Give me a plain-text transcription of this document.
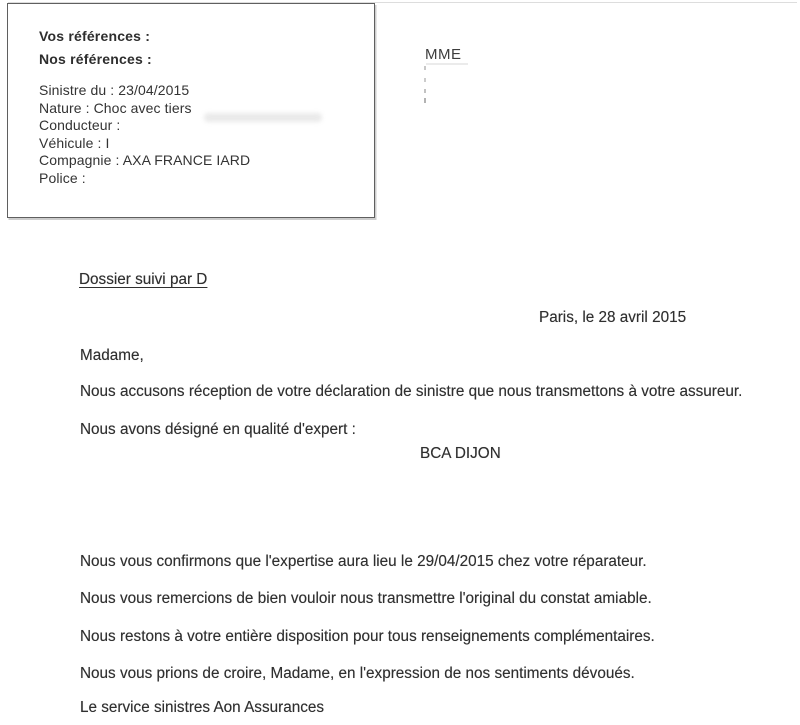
Vos références :
Nos références :
Sinistre du : 23/04/2015
Nature : Choc avec tiers
Conducteur :
Véhicule : I
Compagnie : AXA FRANCE IARD
Police :
MME
Dossier suivi par D
Paris, le 28 avril 2015
Madame,
Nous accusons réception de votre déclaration de sinistre que nous transmettons à votre assureur.
Nous avons désigné en qualité d'expert :
BCA DIJON
Nous vous confirmons que l'expertise aura lieu le 29/04/2015 chez votre réparateur.
Nous vous remercions de bien vouloir nous transmettre l'original du constat amiable.
Nous restons à votre entière disposition pour tous renseignements complémentaires.
Nous vous prions de croire, Madame, en l'expression de nos sentiments dévoués.
Le service sinistres Aon Assurances
